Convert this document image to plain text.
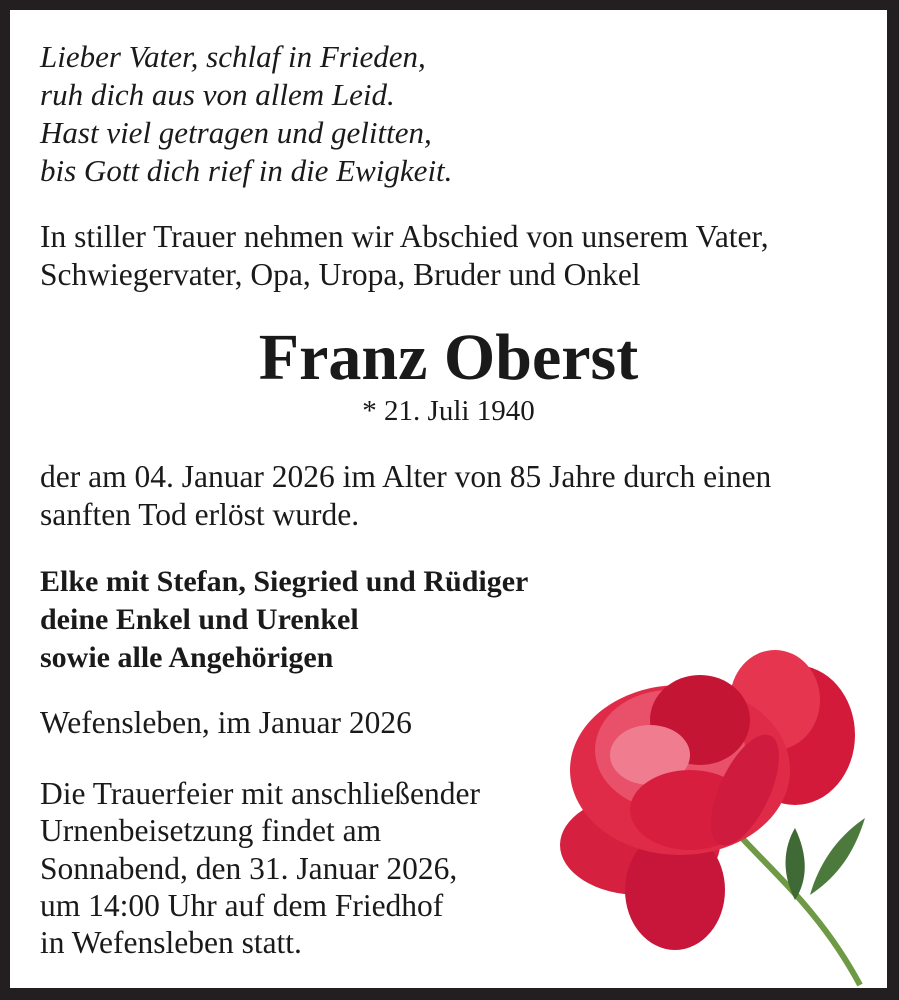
Lieber Vater, schlaf in Frieden,
ruh dich aus von allem Leid.
Hast viel getragen und gelitten,
bis Gott dich rief in die Ewigkeit.
In stiller Trauer nehmen wir Abschied von unserem Vater,
Schwiegervater, Opa, Uropa, Bruder und Onkel
Franz Oberst
* 21. Juli 1940
der am 04. Januar 2026 im Alter von 85 Jahre durch einen
sanften Tod erlöst wurde.
Elke mit Stefan, Siegried und Rüdiger
deine Enkel und Urenkel
sowie alle Angehörigen
Wefensleben, im Januar 2026
Die Trauerfeier mit anschließender
Urnenbeisetzung findet am
Sonnabend, den 31. Januar 2026,
um 14:00 Uhr auf dem Friedhof
in Wefensleben statt.
